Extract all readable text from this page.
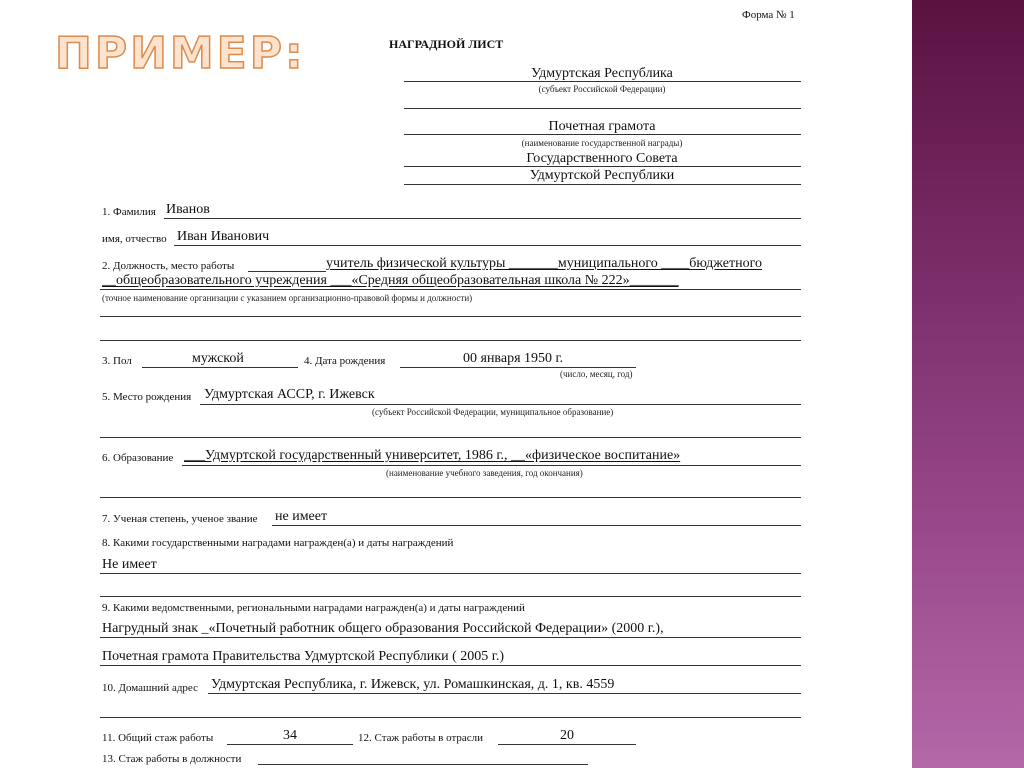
ПРИМЕР:
Форма № 1
НАГРАДНОЙ ЛИСТ
Удмуртская Республика
(субъект Российской Федерации)
Почетная грамота
(наименование государственной награды)
Государственного Совета
Удмуртской Республики
1. Фамилия Иванов
имя, отчество Иван Иванович
2. Должность, место работы	учитель физической культуры _______муниципального ____бюджетного
__общеобразовательного учреждения ___«Средняя общеобразовательная школа № 222»_______
(точное наименование организации с указанием организационно-правовой формы и должности)
3. Пол	мужской	4. Дата рождения	00 января 1950 г.
(число, месяц, год)
5. Место рождения Удмуртская АССР, г. Ижевск
(субъект Российской Федерации, муниципальное образование)
6. Образование ___Удмуртской государственный университет, 1986 г., __«физическое воспитание»
(наименование учебного заведения, год окончания)
7. Ученая степень, ученое звание не имеет
8. Какими государственными наградами награжден(а) и даты награждений
Не имеет
9. Какими ведомственными, региональными наградами награжден(а) и даты награждений
Нагрудный знак _«Почетный работник общего образования Российской Федерации» (2000 г.),
Почетная грамота Правительства Удмуртской Республики ( 2005 г.)
10. Домашний адрес Удмуртская Республика, г. Ижевск, ул. Ромашкинская, д. 1, кв. 4559
11. Общий стаж работы	34	12. Стаж работы в отрасли	20
13. Стаж работы в должности
